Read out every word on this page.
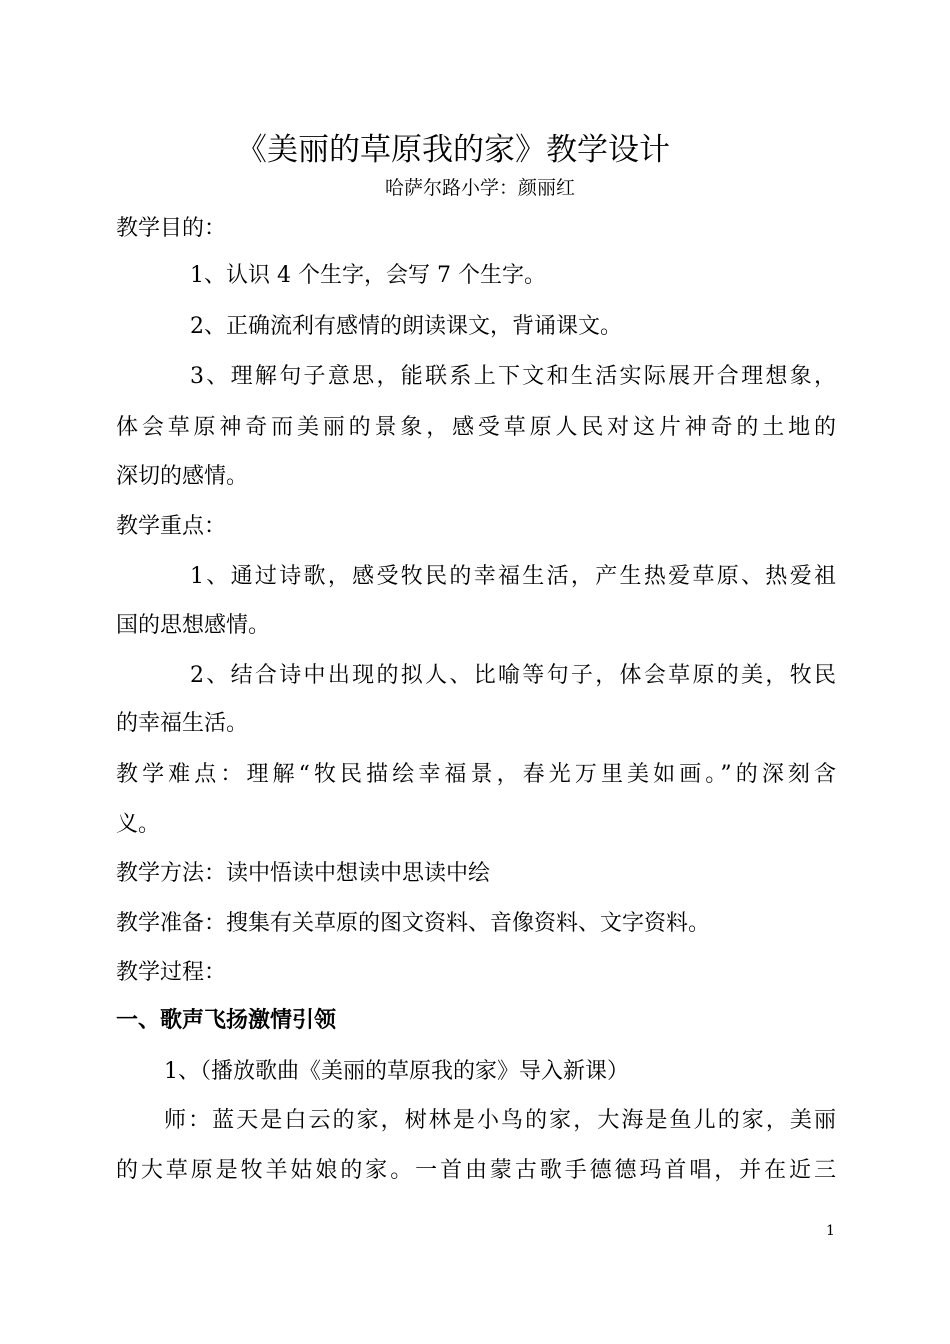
《美丽的草原我的家》教学设计
哈萨尔路小学：颜丽红
教学目的：
1、认识 4 个生字，会写 7 个生字。
2、正确流利有感情的朗读课文，背诵课文。
3、理解句子意思，能联系上下文和生活实际展开合理想象，
体会草原神奇而美丽的景象，感受草原人民对这片神奇的土地的
深切的感情。
教学重点：
1、通过诗歌，感受牧民的幸福生活，产生热爱草原、热爱祖
国的思想感情。
2、结合诗中出现的拟人、比喻等句子，体会草原的美，牧民
的幸福生活。
教学难点：理解“牧民描绘幸福景，春光万里美如画。”的深刻含
义。
教学方法：读中悟读中想读中思读中绘
教学准备：搜集有关草原的图文资料、音像资料、文字资料。
教学过程：
一、歌声飞扬激情引领
1、（播放歌曲《美丽的草原我的家》导入新课）
师：蓝天是白云的家，树林是小鸟的家，大海是鱼儿的家，美丽
的大草原是牧羊姑娘的家。一首由蒙古歌手德德玛首唱，并在近三
1
